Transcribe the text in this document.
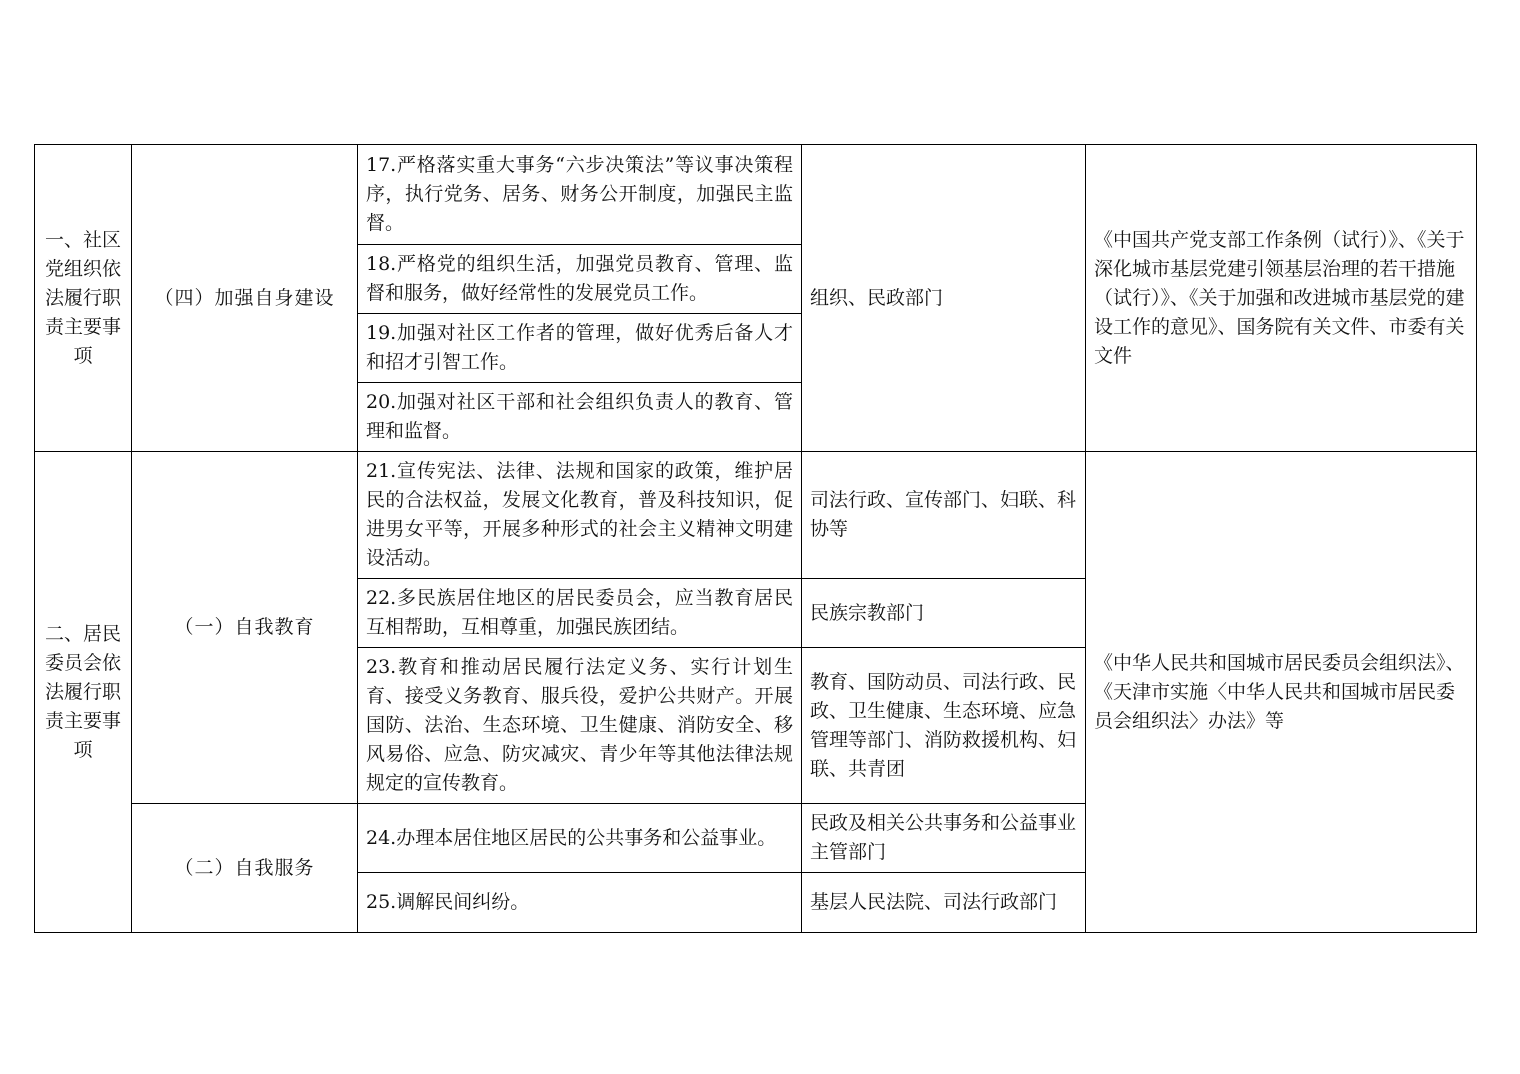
一、社区党组织依法履行职责主要事项	（四）加强自身建设	17.严格落实重大事务“六步决策法”等议事决策程序，执行党务、居务、财务公开制度，加强民主监督。	组织、民政部门	《中国共产党支部工作条例（试行）》、《关于深化城市基层党建引领基层治理的若干措施（试行）》、《关于加强和改进城市基层党的建设工作的意见》、国务院有关文件、市委有关文件
		18.严格党的组织生活，加强党员教育、管理、监督和服务，做好经常性的发展党员工作。		
		19.加强对社区工作者的管理，做好优秀后备人才和招才引智工作。		
		20.加强对社区干部和社会组织负责人的教育、管理和监督。		
二、居民委员会依法履行职责主要事项	（一）自我教育	21.宣传宪法、法律、法规和国家的政策，维护居民的合法权益，发展文化教育，普及科技知识，促进男女平等，开展多种形式的社会主义精神文明建设活动。	司法行政、宣传部门、妇联、科协等	《中华人民共和国城市居民委员会组织法》、《天津市实施〈中华人民共和国城市居民委员会组织法〉办法》等
		22.多民族居住地区的居民委员会，应当教育居民互相帮助，互相尊重，加强民族团结。	民族宗教部门	
		23.教育和推动居民履行法定义务、实行计划生育、接受义务教育、服兵役，爱护公共财产。开展国防、法治、生态环境、卫生健康、消防安全、移风易俗、应急、防灾减灾、青少年等其他法律法规规定的宣传教育。	教育、国防动员、司法行政、民政、卫生健康、生态环境、应急管理等部门、消防救援机构、妇联、共青团	
	（二）自我服务	24.办理本居住地区居民的公共事务和公益事业。	民政及相关公共事务和公益事业主管部门	
		25.调解民间纠纷。	基层人民法院、司法行政部门	
